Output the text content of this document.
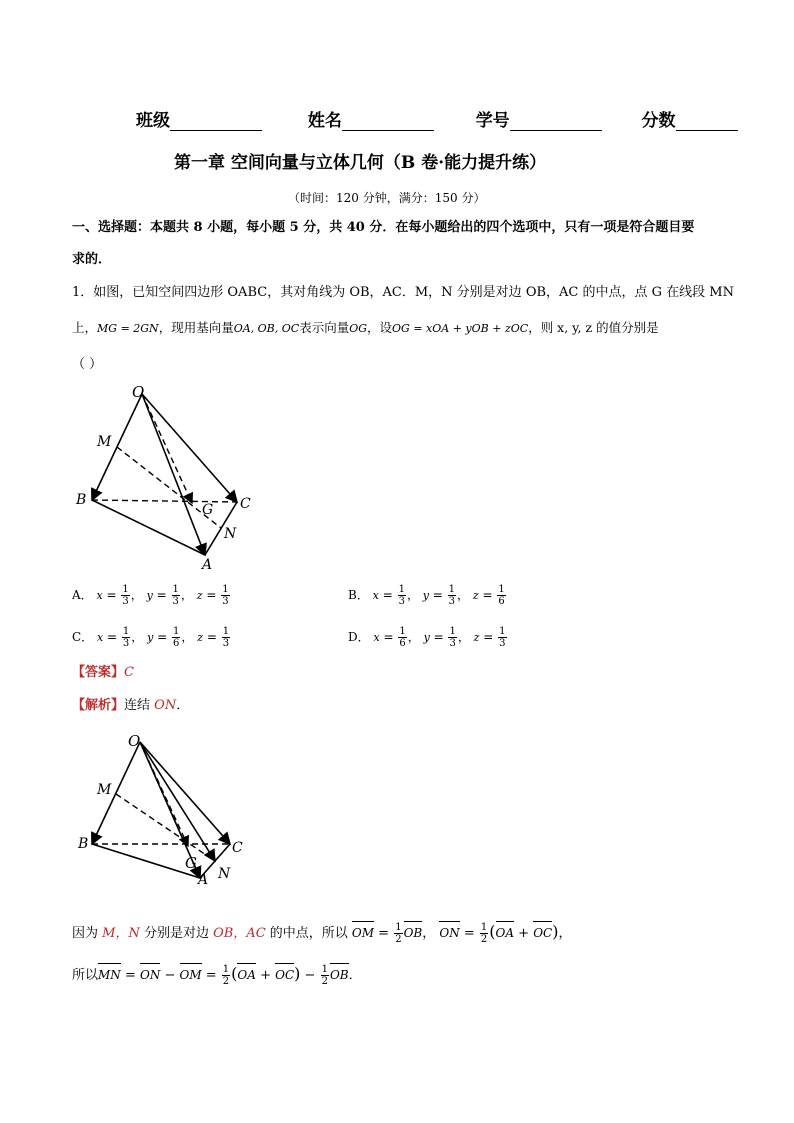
班级	姓名	学号	分数
第一章 空间向量与立体几何（B 卷·能力提升练）
（时间：120 分钟，满分：150 分）
一、选择题：本题共 8 小题，每小题 5 分，共 40 分．在每小题给出的四个选项中，只有一项是符合题目要
求的．
1．如图，已知空间四边形 OABC，其对角线为 OB，AC．M，N 分别是对边 OB，AC 的中点，点 G 在线段 MN
上，MG = 2GN，现用基向量OA, OB, OC表示向量OG，设OG = xOA + yOB + zOC，则 x, y, z 的值分别是
（ ）
O
M
B
G C
N
A
A． $x = \frac{1}{3}$ ， $y = \frac{1}{3}$ ， $z = \frac{1}{3}$	B． $x = \frac{1}{3}$ ， $y = \frac{1}{3}$ ， $z = \frac{1}{6}$
C． $x = \frac{1}{3}$ ， $y = \frac{1}{6}$ ， $z = \frac{1}{3}$	D． $x = \frac{1}{6}$ ， $y = \frac{1}{3}$ ， $z = \frac{1}{3}$
【答案】C
【解析】连结 ON．
O
M
B
G
C
N
A
因为 M，N 分别是对边 OB，AC 的中点，所以 OM = $\frac{1}{2}$ OB， ON = $\frac{1}{2} (OA + OC)$，
所以MN = ON − OM = $\frac{1}{2} (OA + OC) - \frac{1}{2}$ OB．
